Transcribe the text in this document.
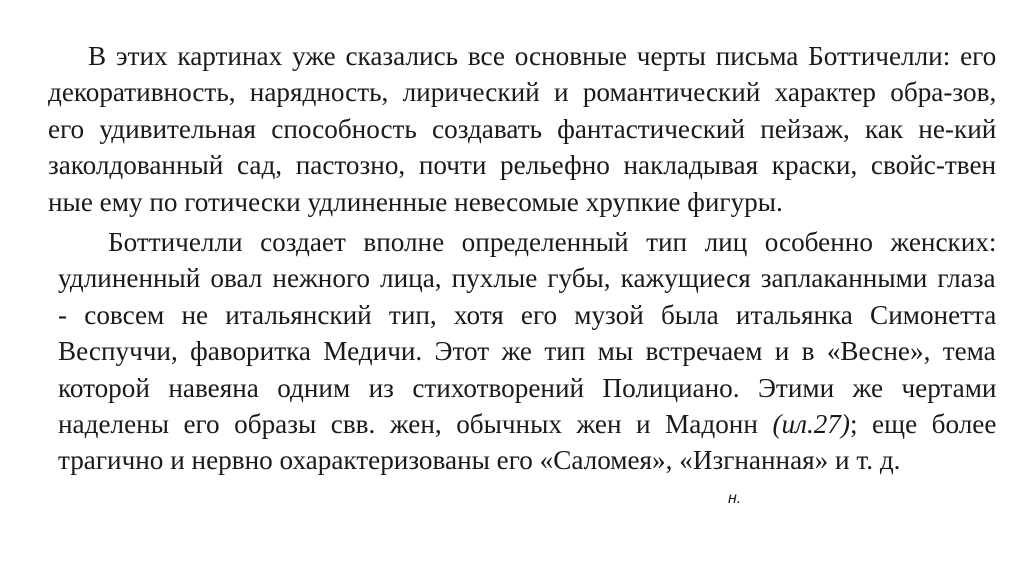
В этих картинах уже сказались все основные черты письма Боттичелли: его
декоративность, нарядность, лирический и романтический характер обра-зов,
его удивительная способность создавать фантастический пейзаж, как не-кий
заколдованный сад, пастозно, почти рельефно накладывая краски, свойс-твен
ные ему по готически удлиненные невесомые хрупкие фигуры.
Боттичелли создает вполне определенный тип лиц особенно женских:
удлиненный овал нежного лица, пухлые губы, кажущиеся заплаканными глаза
- совсем не итальянский тип, хотя его музой была итальянка Симонетта
Веспуччи, фаворитка Медичи. Этот же тип мы встречаем и в «Весне», тема
которой навеяна одним из стихотворений Полициано. Этими же чертами
наделены его образы свв. жен, обычных жен и Мадонн (ил.27); еще более
трагично и нервно охарактеризованы его «Саломея», «Изгнанная» и т. д.
н.
